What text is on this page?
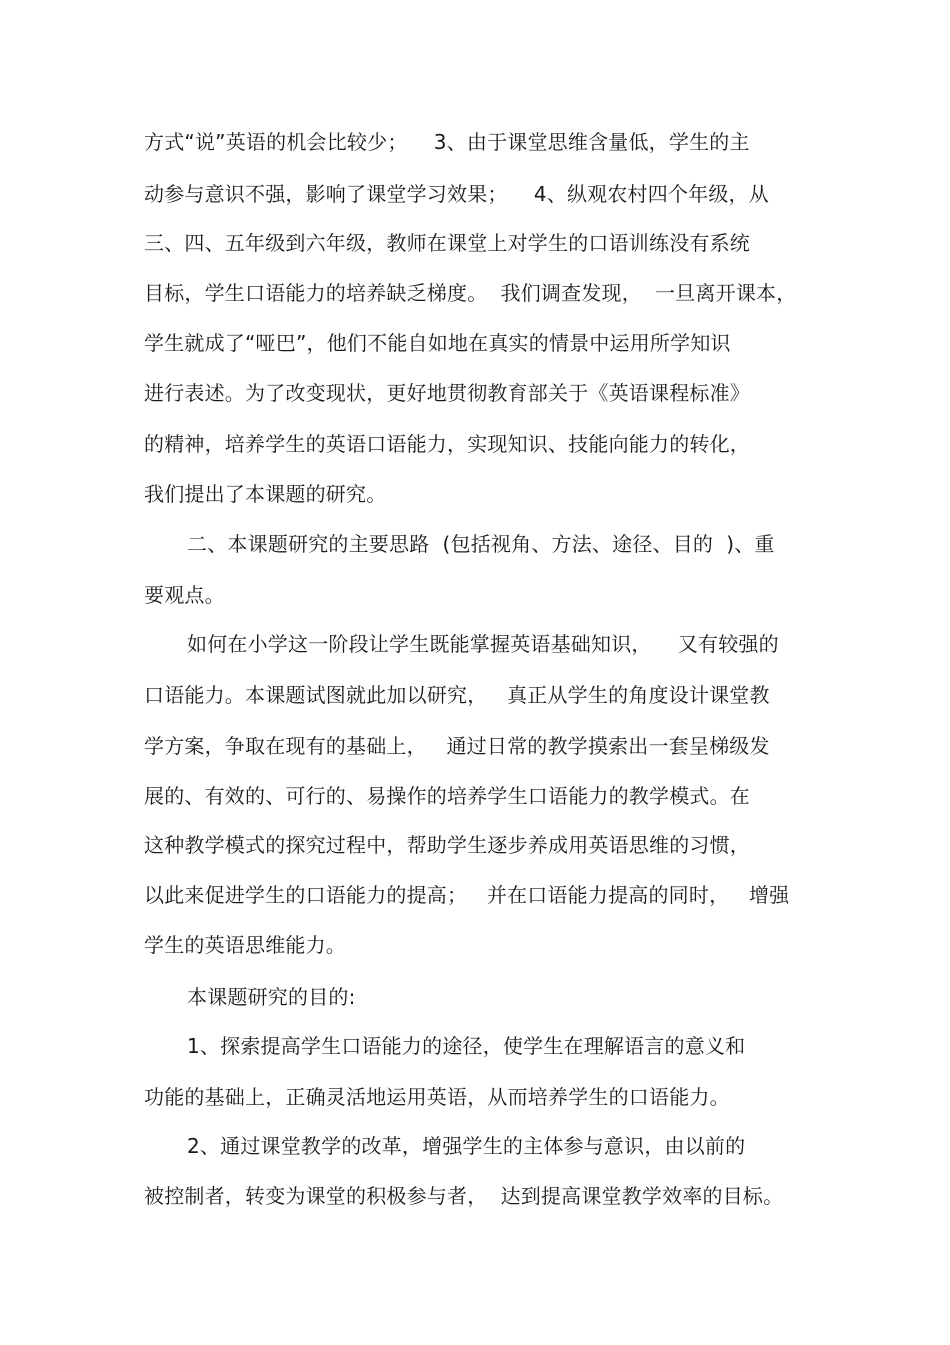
方式“说”英语的机会比较少；    3、由于课堂思维含量低，学生的主
动参与意识不强，影响了课堂学习效果；    4、纵观农村四个年级，从
三、四、五年级到六年级，教师在课堂上对学生的口语训练没有系统
目标，学生口语能力的培养缺乏梯度。  我们调查发现，  一旦离开课本，
学生就成了“哑巴”，他们不能自如地在真实的情景中运用所学知识
进行表述。为了改变现状，更好地贯彻教育部关于《英语课程标准》
的精神，培养学生的英语口语能力，实现知识、技能向能力的转化，
我们提出了本课题的研究。
二、本课题研究的主要思路  (包括视角、方法、途径、目的  )、重
要观点。
如何在小学这一阶段让学生既能掌握英语基础知识，    又有较强的
口语能力。本课题试图就此加以研究，   真正从学生的角度设计课堂教
学方案，争取在现有的基础上，   通过日常的教学摸索出一套呈梯级发
展的、有效的、可行的、易操作的培养学生口语能力的教学模式。在
这种教学模式的探究过程中，帮助学生逐步养成用英语思维的习惯，
以此来促进学生的口语能力的提高；   并在口语能力提高的同时，   增强
学生的英语思维能力。
本课题研究的目的:
1、探索提高学生口语能力的途径，使学生在理解语言的意义和
功能的基础上，正确灵活地运用英语，从而培养学生的口语能力。
2、通过课堂教学的改革，增强学生的主体参与意识，由以前的
被控制者，转变为课堂的积极参与者，  达到提高课堂教学效率的目标。
